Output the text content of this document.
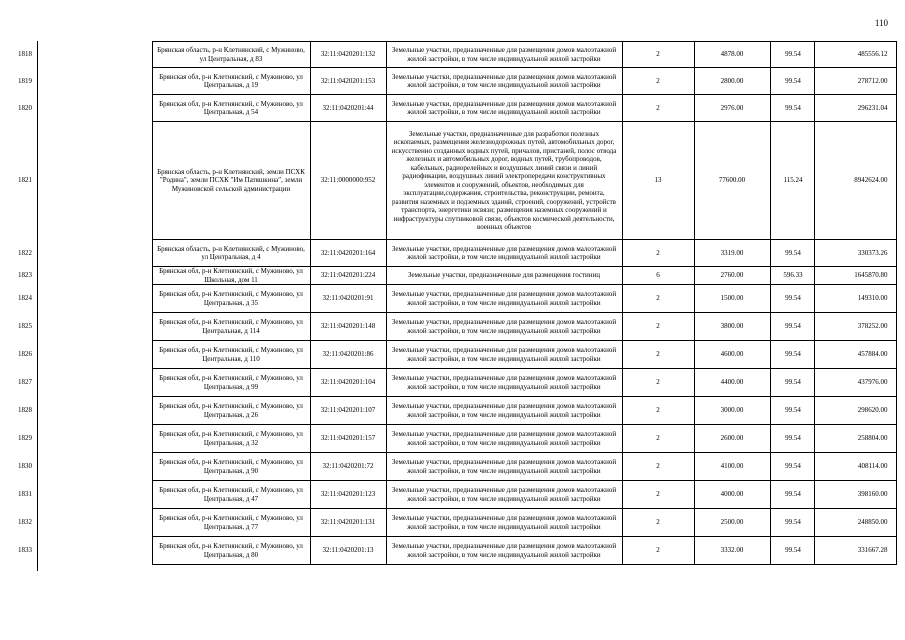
110
1818		Брянская область, р-н Клетнянский, с Мужиново, ул Центральная, д 83	32:11:0420201:132	Земельные участки, предназначенные для размещения домов малоэтажной жилой застройки, в том числе индивидуальной жилой застройки	2	4878.00	99.54	485556.12
1819		Брянская обл, р-н Клетнянский, с Мужиново, ул Центральная, д 19	32:11:0420201:153	Земельные участки, предназначенные для размещения домов малоэтажной жилой застройки, в том числе индивидуальной жилой застройки	2	2800.00	99.54	278712.00
1820		Брянская обл, р-н Клетнянский, с Мужиново, ул Центральная, д 54	32:11:0420201:44	Земельные участки, предназначенные для размещения домов малоэтажной жилой застройки, в том числе индивидуальной жилой застройки	2	2976.00	99.54	296231.04
1821		Брянская область, р-н Клетнянский, земли ПСХК "Родина", земли ПСХК "Им Патяшкина", земли Мужиновской сельской администрации	32:11:0000000:952	Земельные участки, предназначенные для разработки полезных ископаемых, размещения железнодорожных путей, автомобильных дорог, искусственно созданных водных путей, причалов, пристаней, полос отвода железных и автомобильных дорог, водных путей, трубопроводов, кабельных, радиорелейных и воздушных линий связи и линий радиофикации, воздушных линий электропередачи конструктивных элементов и сооружений, объектов, необходимых для эксплуатации,содержания, строительства, реконструкции, ремонта, развития наземных и подземных зданий, строений, сооружений, устройств транспорта, энергетики иcвязи; размещения наземных сооружений и инфраструктуры спутниковой связи, объектов космической деятельности, военных объектов	13	77600.00	115.24	8942624.00
1822		Брянская область, р-н Клетнянский, с Мужиново, ул Центральная, д 4	32:11:0420201:164	Земельные участки, предназначенные для размещения домов малоэтажной жилой застройки, в том числе индивидуальной жилой застройки	2	3319.00	99.54	330373.26
1823		Брянская обл, р-н Клетнянский, с Мужиново, ул Школьная, дом 11	32:11:0420201:224	Земельные участки, предназначенные для размещения гостиниц	6	2760.00	596.33	1645870.80
1824		Брянская обл, р-н Клетнянский, с Мужиново, ул Центральная, д 35	32:11:0420201:91	Земельные участки, предназначенные для размещения домов малоэтажной жилой застройки, в том числе индивидуальной жилой застройки	2	1500.00	99.54	149310.00
1825		Брянская обл, р-н Клетнянский, с Мужиново, ул Центральная, д 114	32:11:0420201:148	Земельные участки, предназначенные для размещения домов малоэтажной жилой застройки, в том числе индивидуальной жилой застройки	2	3800.00	99.54	378252.00
1826		Брянская обл, р-н Клетнянский, с Мужиново, ул Центральная, д 110	32:11:0420201:86	Земельные участки, предназначенные для размещения домов малоэтажной жилой застройки, в том числе индивидуальной жилой застройки	2	4600.00	99.54	457884.00
1827		Брянская обл, р-н Клетнянский, с Мужиново, ул Центральная, д 99	32:11:0420201:104	Земельные участки, предназначенные для размещения домов малоэтажной жилой застройки, в том числе индивидуальной жилой застройки	2	4400.00	99.54	437976.00
1828		Брянская обл, р-н Клетнянский, с Мужиново, ул Центральная, д 26	32:11:0420201:107	Земельные участки, предназначенные для размещения домов малоэтажной жилой застройки, в том числе индивидуальной жилой застройки	2	3000.00	99.54	298620.00
1829		Брянская обл, р-н Клетнянский, с Мужиново, ул Центральная, д 32	32:11:0420201:157	Земельные участки, предназначенные для размещения домов малоэтажной жилой застройки, в том числе индивидуальной жилой застройки	2	2600.00	99.54	258804.00
1830		Брянская обл, р-н Клетнянский, с Мужиново, ул Центральная, д 90	32:11:0420201:72	Земельные участки, предназначенные для размещения домов малоэтажной жилой застройки, в том числе индивидуальной жилой застройки	2	4100.00	99.54	408114.00
1831		Брянская обл, р-н Клетнянский, с Мужиново, ул Центральная, д 47	32:11:0420201:123	Земельные участки, предназначенные для размещения домов малоэтажной жилой застройки, в том числе индивидуальной жилой застройки	2	4000.00	99.54	398160.00
1832		Брянская обл, р-н Клетнянский, с Мужиново, ул Центральная, д 77	32:11:0420201:131	Земельные участки, предназначенные для размещения домов малоэтажной жилой застройки, в том числе индивидуальной жилой застройки	2	2500.00	99.54	248850.00
1833		Брянская обл, р-н Клетнянский, с Мужиново, ул Центральная, д 80	32:11:0420201:13	Земельные участки, предназначенные для размещения домов малоэтажной жилой застройки, в том числе индивидуальной жилой застройки	2	3332.00	99.54	331667.28
